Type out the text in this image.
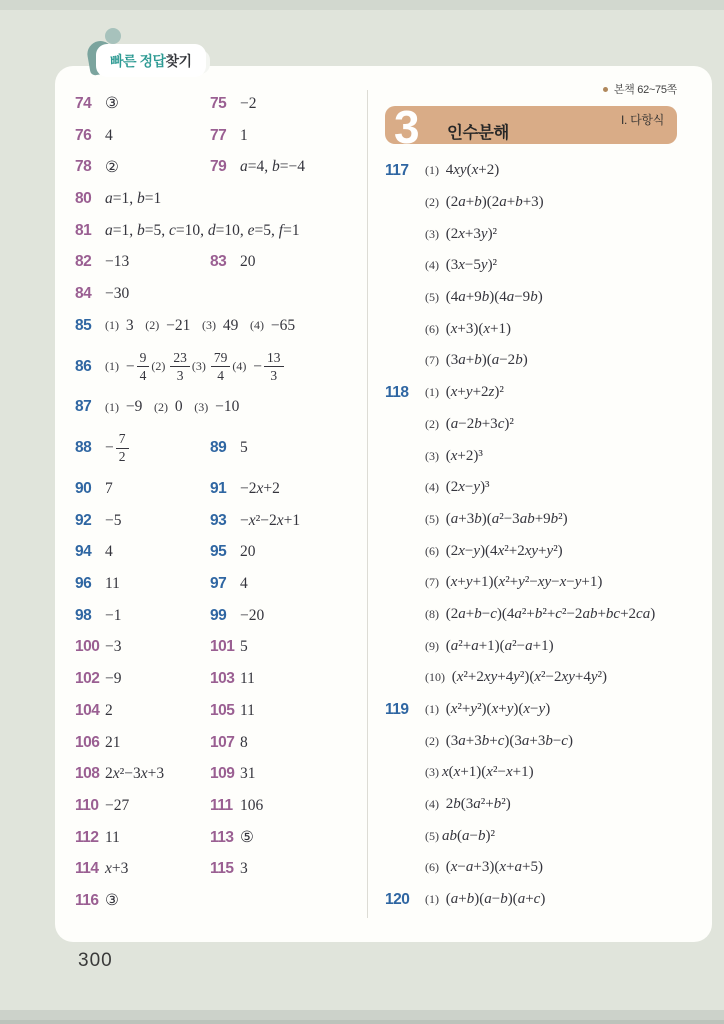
빠른 정답 찾기
74 ③	75 −2
76 4	77 1
78 ②	79 a =4, b =−4
80 a =1, b =1
81 a =1, b =5, c =10, d =10, e =5, f =1
82 −13	83 20
84 −30
85	(1) 3 (2) −21 (3) 49 (4) −65
86	$(1) - \frac{9}{4} (2) \frac{23}{3} (3) \frac{79}{4} (4) - \frac{13}{3}$
87	(1) −9 (2) 0 (3) −10
$88 - \frac{7}{2}$	89 5
90 7	91 −2 x +2
92 −5	93 − x ²−2 x +1
94 4	95 20
96 11	97 4
98 −1	99 −20
100 −3	101 5
102 −9	103 11
104 2	105 11
106 21	107 8
108 2 x ²−3 x +3	109 31
110 −27	111 106
112 11	113 ⑤
114 x +3	115 3
116 ③
본책 62~75쪽
3 인수분해
I. 다항식
117	(1) 4 x y ( x +2)
(2) (2 a + b )(2 a + b +3)
(3) (2 x +3 y )²
(4) (3 x −5 y )²
(5) (4 a +9 b )(4 a −9 b )
(6) ( x +3)( x +1)
(7) (3 a + b )( a −2 b )
118	(1) ( x + y +2 z )²
(2) ( a −2 b +3 c )²
(3) ( x +2)³
(4) (2 x − y )³
(5) ( a +3 b )( a ²−3 a b +9 b ²)
(6) (2 x − y )(4 x ²+2 x y + y ²)
(7) ( x + y +1)( x ²+ y ²− x y − x − y +1)
(8) (2 a + b − c )(4 a ²+ b ²+ c ²−2 a b + b c +2 c a )
(9) ( a ²+ a +1)( a ²− a +1)
(10) ( x ²+2 x y +4 y ²)( x ²−2 x y +4 y ²)
119	(1) ( x ²+ y ²)( x + y )( x − y )
(2) (3 a +3 b + c )(3 a +3 b − c )
(3) x ( x +1)( x ²− x +1)
(4) 2 b (3 a ²+ b ²)
(5) a b ( a − b )²
(6) ( x − a +3)( x + a +5)
120	(1) ( a + b )( a − b )( a + c )
300
